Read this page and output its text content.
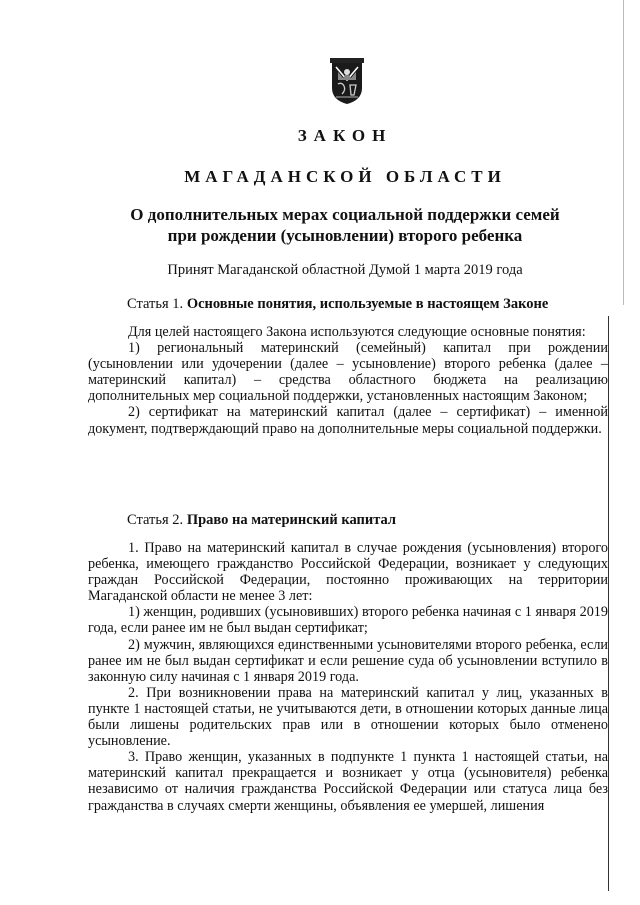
ЗАКОН
МАГАДАНСКОЙ ОБЛАСТИ
О дополнительных мерах социальной поддержки семей
при рождении (усыновлении) второго ребенка
Принят Магаданской областной Думой 1 марта 2019 года
Статья 1. Основные понятия, используемые в настоящем Законе

Для целей настоящего Закона используются следующие основные понятия:

1) региональный материнский (семейный) капитал при рождении (усыновлении или удочерении (далее – усыновление) второго ребенка (далее – материнский капитал) – средства областного бюджета на реализацию дополнительных мер социальной поддержки, установленных настоящим Законом;

2) сертификат на материнский капитал (далее – сертификат) – именной документ, подтверждающий право на дополнительные меры социальной поддержки.

Статья 2. Право на материнский капитал

1. Право на материнский капитал в случае рождения (усыновления) второго ребенка, имеющего гражданство Российской Федерации, возникает у следующих граждан Российской Федерации, постоянно проживающих на территории Магаданской области не менее 3 лет:

1) женщин, родивших (усыновивших) второго ребенка начиная с 1 января 2019 года, если ранее им не был выдан сертификат;

2) мужчин, являющихся единственными усыновителями второго ребенка, если ранее им не был выдан сертификат и если решение суда об усыновлении вступило в законную силу начиная с 1 января 2019 года.

2. При возникновении права на материнский капитал у лиц, указанных в пункте 1 настоящей статьи, не учитываются дети, в отношении которых данные лица были лишены родительских прав или в отношении которых было отменено усыновление.

3. Право женщин, указанных в подпункте 1 пункта 1 настоящей статьи, на материнский капитал прекращается и возникает у отца (усыновителя) ребенка независимо от наличия гражданства Российской Федерации или статуса лица без гражданства в случаях смерти женщины, объявления ее умершей, лишения
